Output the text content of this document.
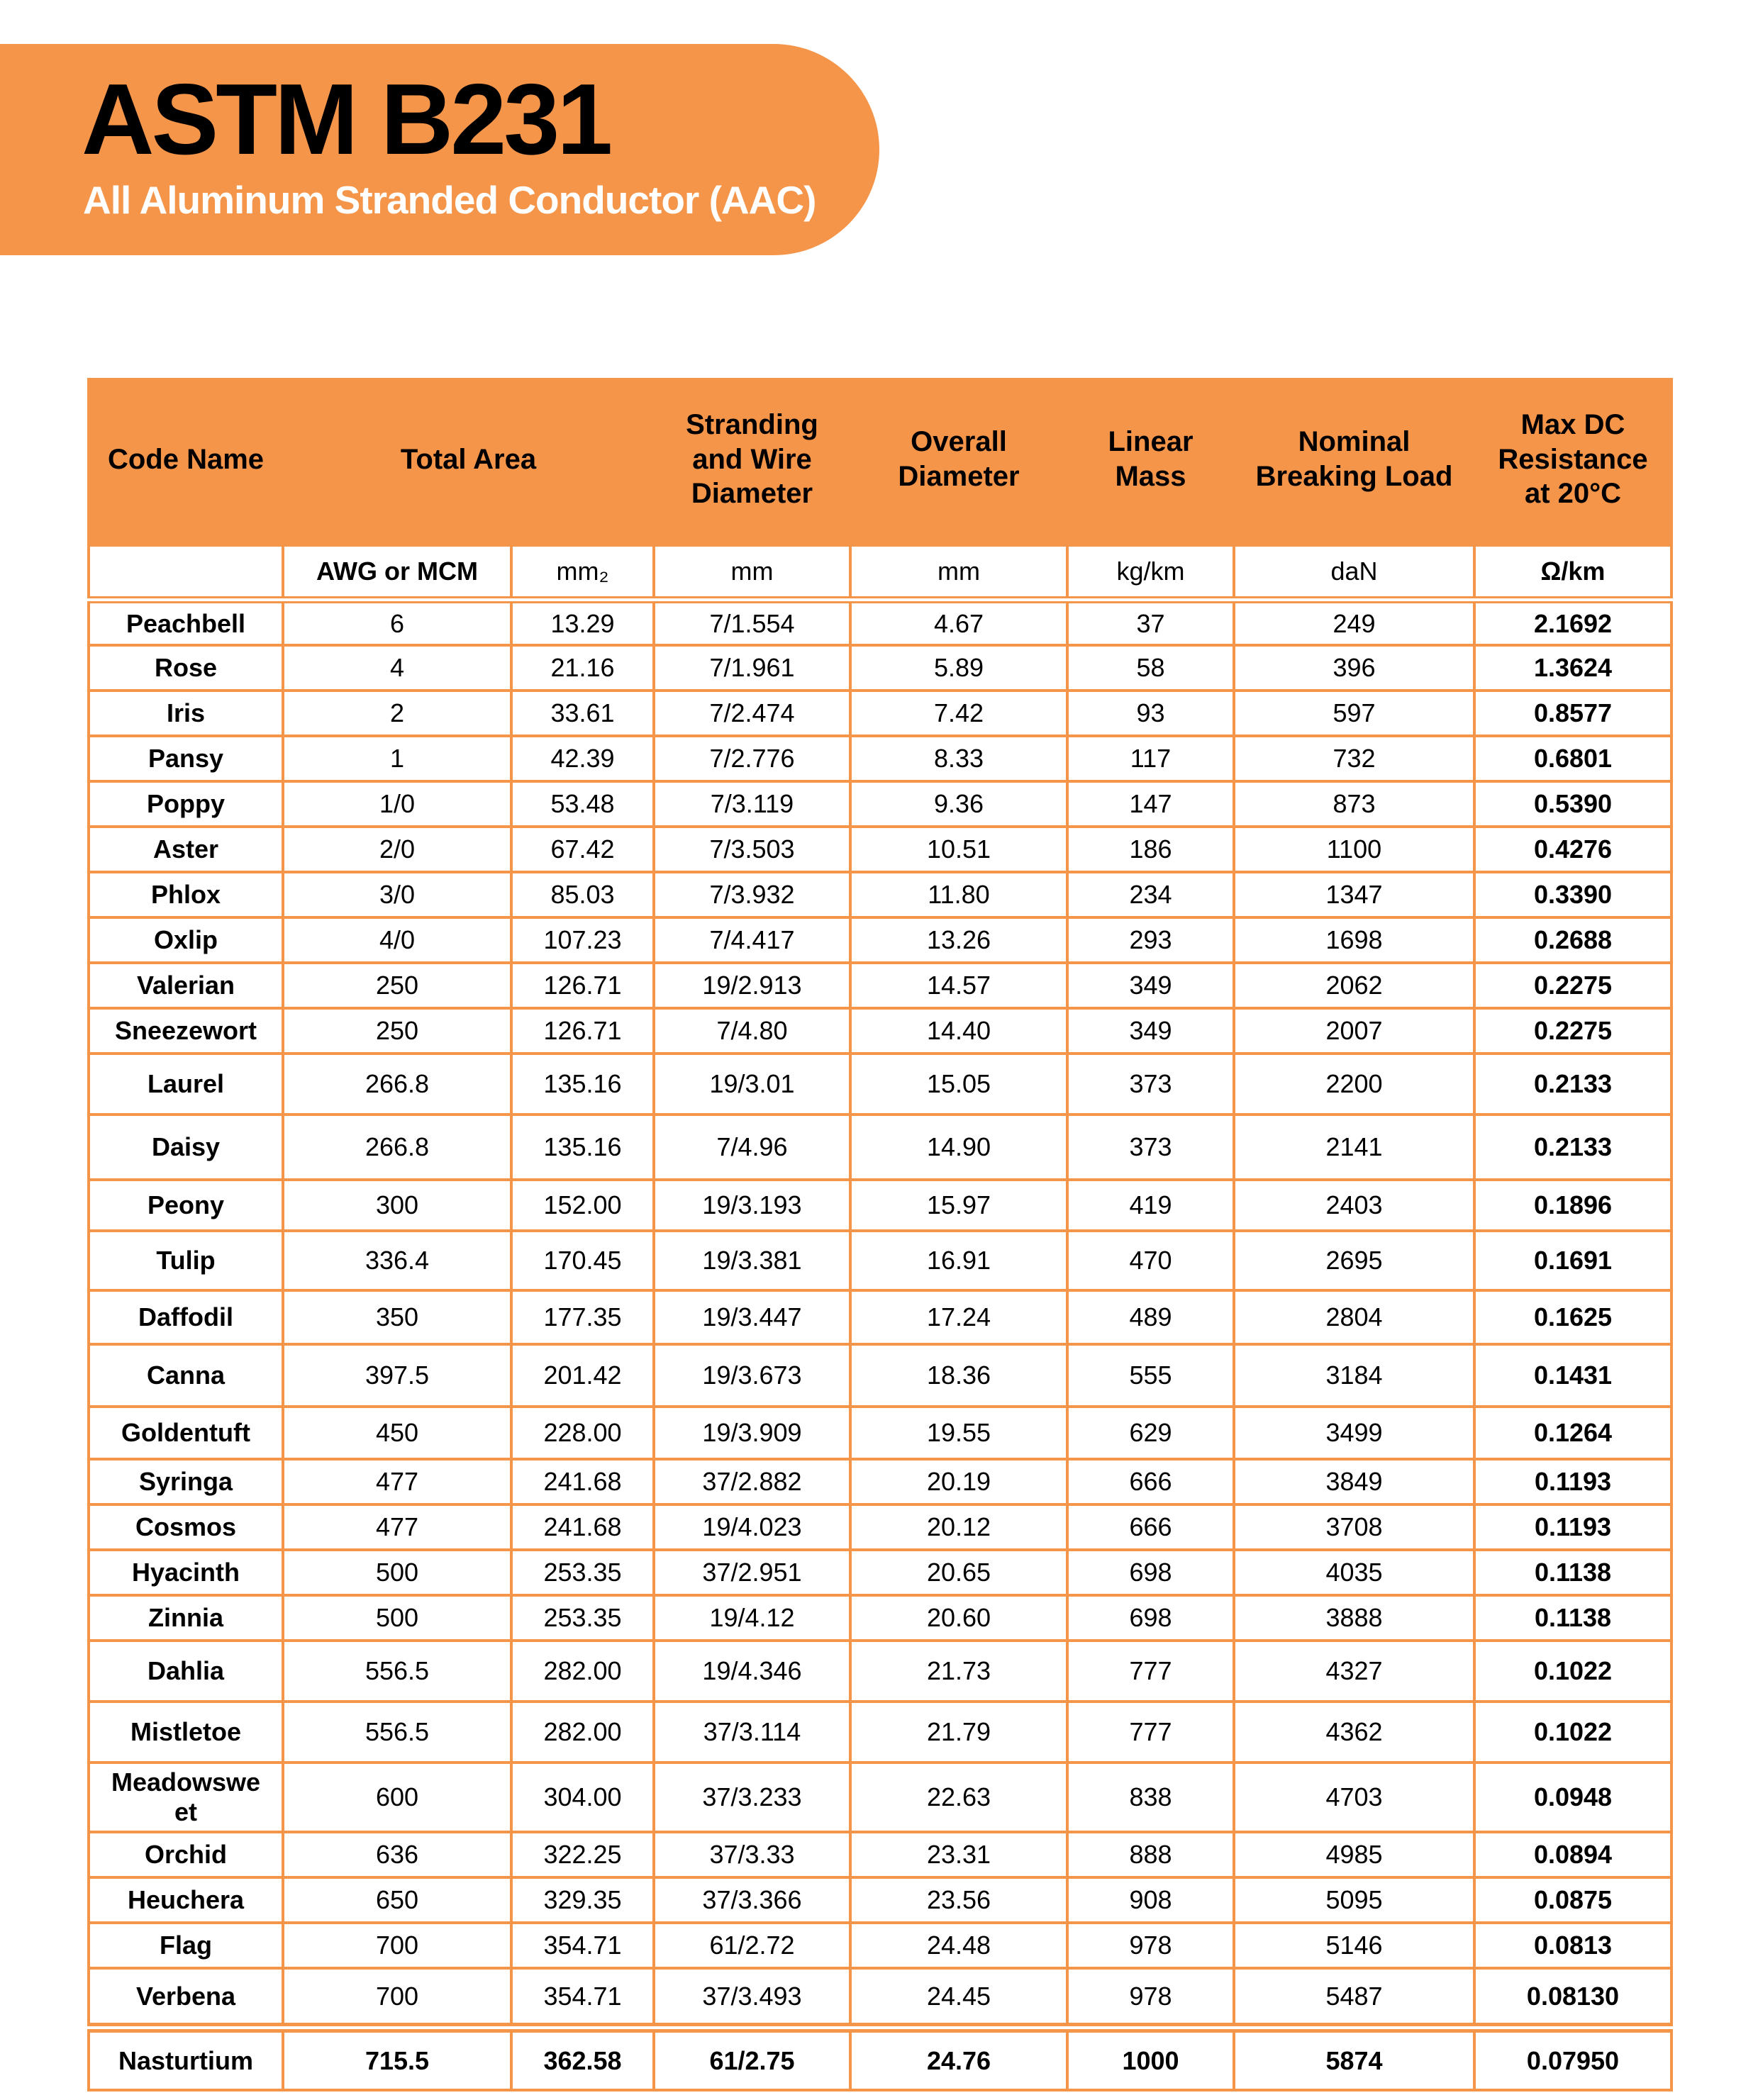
ASTM B231
All Aluminum Stranded Conductor (AAC)
Code Name	Total Area		Stranding and Wire Diameter	Overall Diameter	Linear Mass	Nominal Breaking Load	Max DC Resistance at 20°C
	AWG or MCM	mm₂	mm	mm	kg/km	daN	Ω/km
Peachbell	6	13.29	7/1.554	4.67	37	249	2.1692
Rose	4	21.16	7/1.961	5.89	58	396	1.3624
Iris	2	33.61	7/2.474	7.42	93	597	0.8577
Pansy	1	42.39	7/2.776	8.33	117	732	0.6801
Poppy	1/0	53.48	7/3.119	9.36	147	873	0.5390
Aster	2/0	67.42	7/3.503	10.51	186	1100	0.4276
Phlox	3/0	85.03	7/3.932	11.80	234	1347	0.3390
Oxlip	4/0	107.23	7/4.417	13.26	293	1698	0.2688
Valerian	250	126.71	19/2.913	14.57	349	2062	0.2275
Sneezewort	250	126.71	7/4.80	14.40	349	2007	0.2275
Laurel	266.8	135.16	19/3.01	15.05	373	2200	0.2133
Daisy	266.8	135.16	7/4.96	14.90	373	2141	0.2133
Peony	300	152.00	19/3.193	15.97	419	2403	0.1896
Tulip	336.4	170.45	19/3.381	16.91	470	2695	0.1691
Daffodil	350	177.35	19/3.447	17.24	489	2804	0.1625
Canna	397.5	201.42	19/3.673	18.36	555	3184	0.1431
Goldentuft	450	228.00	19/3.909	19.55	629	3499	0.1264
Syringa	477	241.68	37/2.882	20.19	666	3849	0.1193
Cosmos	477	241.68	19/4.023	20.12	666	3708	0.1193
Hyacinth	500	253.35	37/2.951	20.65	698	4035	0.1138
Zinnia	500	253.35	19/4.12	20.60	698	3888	0.1138
Dahlia	556.5	282.00	19/4.346	21.73	777	4327	0.1022
Mistletoe	556.5	282.00	37/3.114	21.79	777	4362	0.1022
Meadowsweet	600	304.00	37/3.233	22.63	838	4703	0.0948
Orchid	636	322.25	37/3.33	23.31	888	4985	0.0894
Heuchera	650	329.35	37/3.366	23.56	908	5095	0.0875
Flag	700	354.71	61/2.72	24.48	978	5146	0.0813
Verbena	700	354.71	37/3.493	24.45	978	5487	0.08130
Nasturtium	715.5	362.58	61/2.75	24.76	1000	5874	0.07950
